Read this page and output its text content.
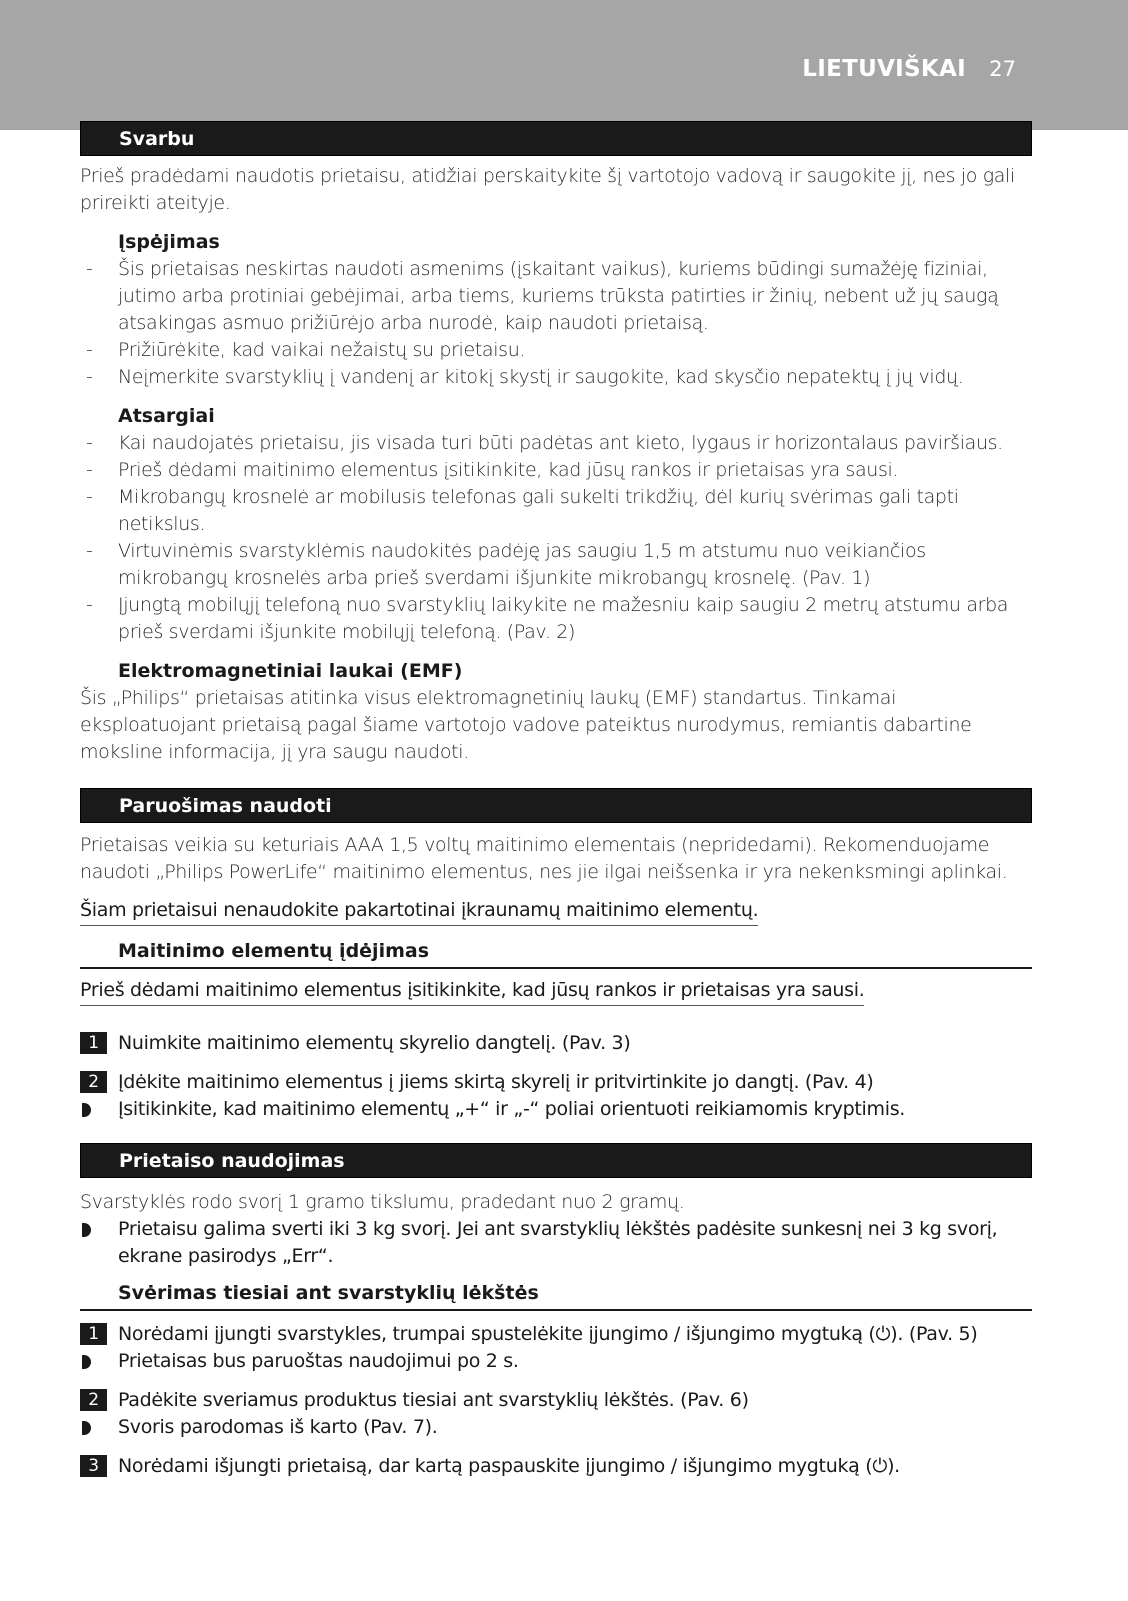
LIETUVIŠKAI 27
Svarbu

Prieš pradėdami naudotis prietaisu, atidžiai perskaitykite šį vartotojo vadovą ir saugokite jį, nes jo gali prireikti ateityje.

Įspėjimas
- Šis prietaisas neskirtas naudoti asmenims (įskaitant vaikus), kuriems būdingi sumažėję fiziniai, jutimo arba protiniai gebėjimai, arba tiems, kuriems trūksta patirties ir žinių, nebent už jų saugą atsakingas asmuo prižiūrėjo arba nurodė, kaip naudoti prietaisą.
- Prižiūrėkite, kad vaikai nežaistų su prietaisu.
- Neįmerkite svarstyklių į vandenį ar kitokį skystį ir saugokite, kad skysčio nepatektų į jų vidų.
Atsargiai
- Kai naudojatės prietaisu, jis visada turi būti padėtas ant kieto, lygaus ir horizontalaus paviršiaus.
- Prieš dėdami maitinimo elementus įsitikinkite, kad jūsų rankos ir prietaisas yra sausi.
- Mikrobangų krosnelė ar mobilusis telefonas gali sukelti trikdžių, dėl kurių svėrimas gali tapti netikslus.
- Virtuvinėmis svarstyklėmis naudokitės padėję jas saugiu 1,5 m atstumu nuo veikiančios mikrobangų krosnelės arba prieš sverdami išjunkite mikrobangų krosnelę. (Pav. 1)
- Įjungtą mobilųjį telefoną nuo svarstyklių laikykite ne mažesniu kaip saugiu 2 metrų atstumu arba prieš sverdami išjunkite mobilųjį telefoną. (Pav. 2)
Elektromagnetiniai laukai (EMF)

Šis „Philips“ prietaisas atitinka visus elektromagnetinių laukų (EMF) standartus. Tinkamai eksploatuojant prietaisą pagal šiame vartotojo vadove pateiktus nurodymus, remiantis dabartine moksline informacija, jį yra saugu naudoti.

Paruošimas naudoti

Prietaisas veikia su keturiais AAA 1,5 voltų maitinimo elementais (nepridedami). Rekomenduojame naudoti „Philips PowerLife“ maitinimo elementus, nes jie ilgai neišsenka ir yra nekenksmingi aplinkai.

Šiam prietaisui nenaudokite pakartotinai įkraunamų maitinimo elementų.
Maitinimo elementų įdėjimas
Prieš dėdami maitinimo elementus įsitikinkite, kad jūsų rankos ir prietaisas yra sausi.
1	Nuimkite maitinimo elementų skyrelio dangtelį. (Pav. 3)
2	Įdėkite maitinimo elementus į jiems skirtą skyrelį ir pritvirtinkite jo dangtį. (Pav. 4)
Įsitikinkite, kad maitinimo elementų „+“ ir „-“ poliai orientuoti reikiamomis kryptimis.
Prietaiso naudojimas

Svarstyklės rodo svorį 1 gramo tikslumu, pradedant nuo 2 gramų.

Prietaisu galima sverti iki 3 kg svorį. Jei ant svarstyklių lėkštės padėsite sunkesnį nei 3 kg svorį, ekrane pasirodys „Err“.
Svėrimas tiesiai ant svarstyklių lėkštės
1	Norėdami įjungti svarstykles, trumpai spustelėkite įjungimo / išjungimo mygtuką (⏻). (Pav. 5)
Prietaisas bus paruoštas naudojimui po 2 s.
2	Padėkite sveriamus produktus tiesiai ant svarstyklių lėkštės. (Pav. 6)
Svoris parodomas iš karto (Pav. 7).
3	Norėdami išjungti prietaisą, dar kartą paspauskite įjungimo / išjungimo mygtuką (⏻).
